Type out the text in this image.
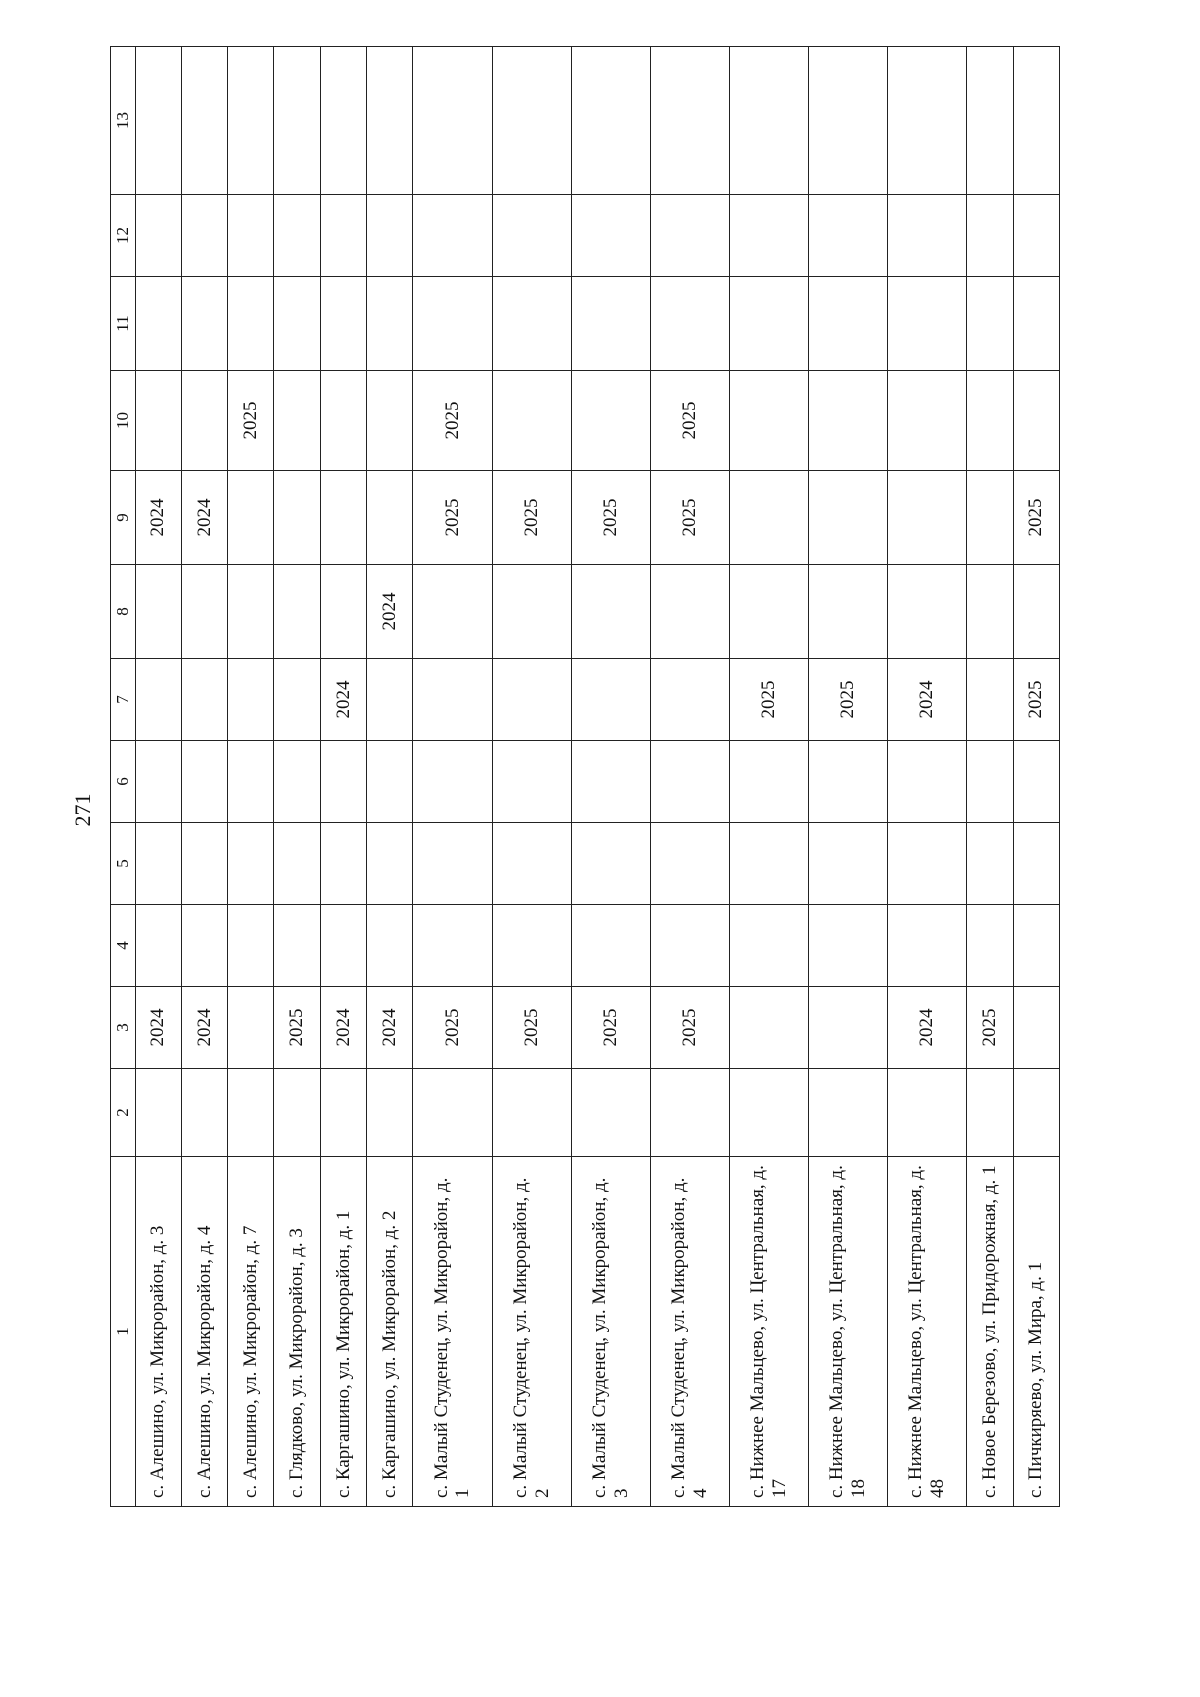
271
1	2	3	4	5	6	7	8	9	10	11	12	13
с. Алешино, ул. Микрорайон, д. 3		2024						2024				
с. Алешино, ул. Микрорайон, д. 4		2024						2024				
с. Алешино, ул. Микрорайон, д. 7									2025			
с. Глядково, ул. Микрорайон, д. 3		2025										
с. Каргашино, ул. Микрорайон, д. 1		2024				2024						
с. Каргашино, ул. Микрорайон, д. 2		2024					2024					
с. Малый Студенец, ул. Микрорайон, д. 1		2025						2025	2025			
с. Малый Студенец, ул. Микрорайон, д. 2		2025						2025				
с. Малый Студенец, ул. Микрорайон, д. 3		2025						2025				
с. Малый Студенец, ул. Микрорайон, д. 4		2025						2025	2025			
с. Нижнее Мальцево, ул. Центральная, д. 17						2025						
с. Нижнее Мальцево, ул. Центральная, д. 18						2025						
с. Нижнее Мальцево, ул. Центральная, д. 48		2024				2024						
с. Новое Березово, ул. Придорожная, д. 1		2025										
с. Пичкиряево, ул. Мира, д. 1						2025		2025				
